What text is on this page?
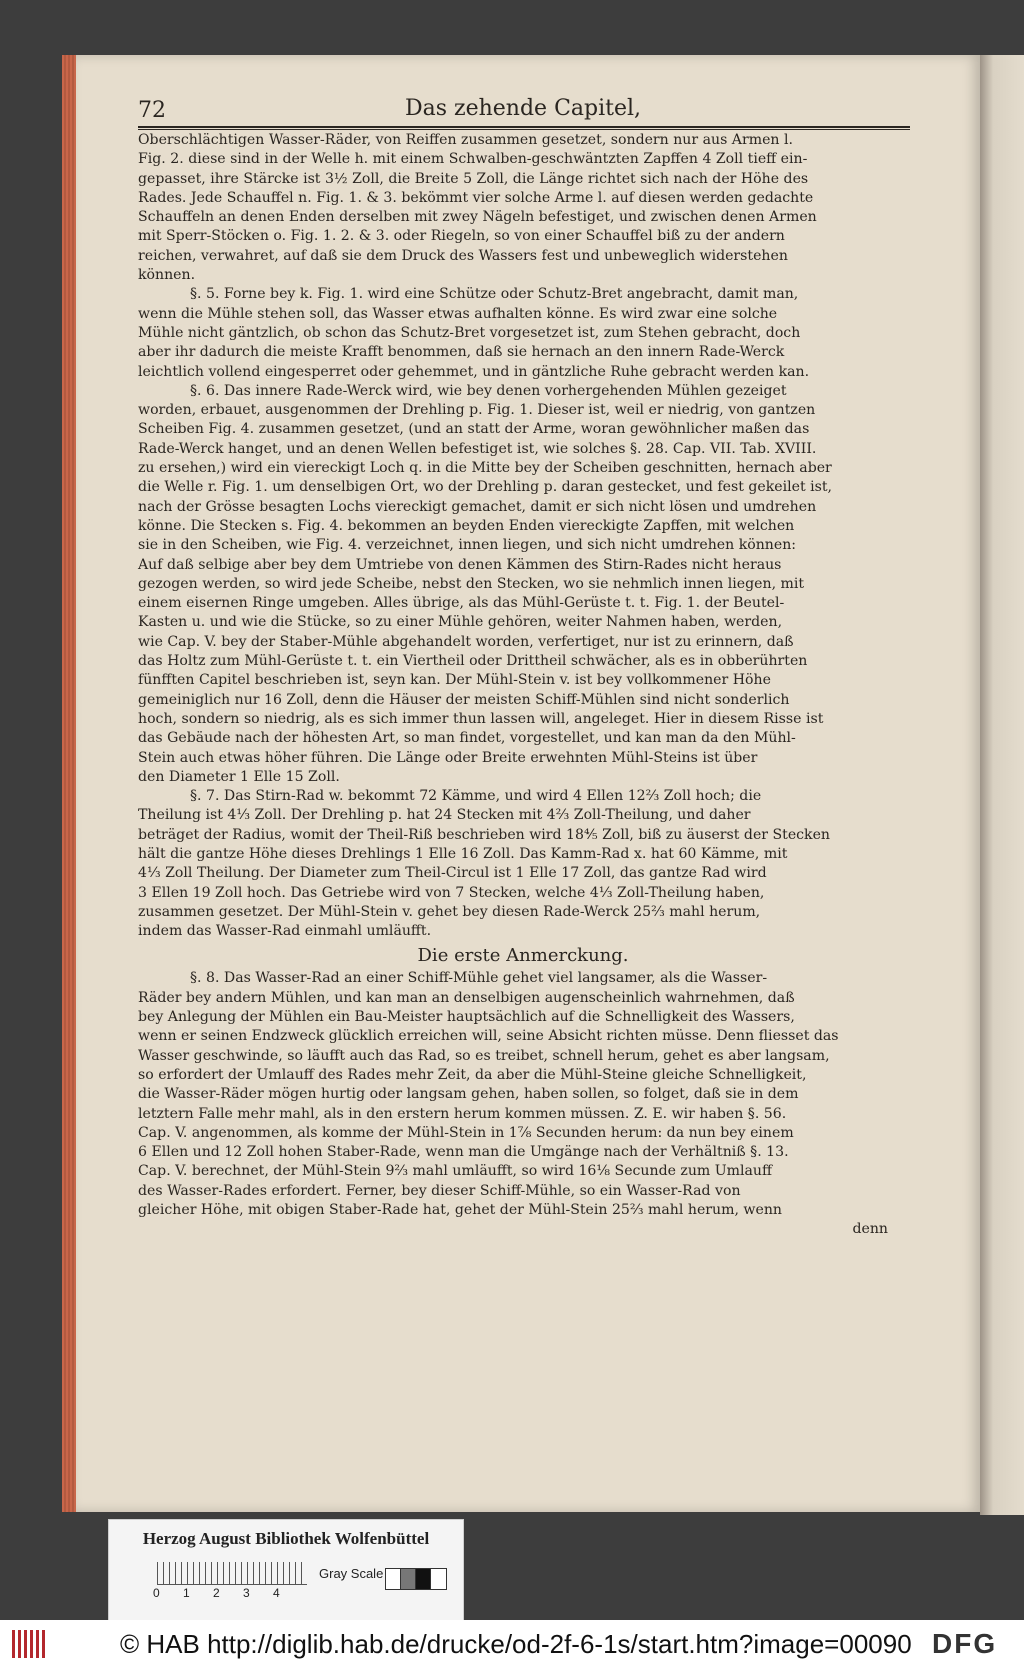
72	Das zehende Capitel,

Oberschlächtigen Wasser-Räder, von Reiffen zusammen gesetzet, sondern nur aus Armen l.

Fig. 2. diese sind in der Welle h. mit einem Schwalben-geschwäntzten Zapffen 4 Zoll tieff ein-

gepasset, ihre Stärcke ist 3½ Zoll, die Breite 5 Zoll, die Länge richtet sich nach der Höhe des

Rades. Jede Schauffel n. Fig. 1. & 3. bekömmt vier solche Arme l. auf diesen werden gedachte

Schauffeln an denen Enden derselben mit zwey Nägeln befestiget, und zwischen denen Armen

mit Sperr-Stöcken o. Fig. 1. 2. & 3. oder Riegeln, so von einer Schauffel biß zu der andern

reichen, verwahret, auf daß sie dem Druck des Wassers fest und unbeweglich widerstehen

können.

§. 5. Forne bey k. Fig. 1. wird eine Schütze oder Schutz-Bret angebracht, damit man,

wenn die Mühle stehen soll, das Wasser etwas aufhalten könne. Es wird zwar eine solche

Mühle nicht gäntzlich, ob schon das Schutz-Bret vorgesetzet ist, zum Stehen gebracht, doch

aber ihr dadurch die meiste Krafft benommen, daß sie hernach an den innern Rade-Werck

leichtlich vollend eingesperret oder gehemmet, und in gäntzliche Ruhe gebracht werden kan.

§. 6. Das innere Rade-Werck wird, wie bey denen vorhergehenden Mühlen gezeiget

worden, erbauet, ausgenommen der Drehling p. Fig. 1. Dieser ist, weil er niedrig, von gantzen

Scheiben Fig. 4. zusammen gesetzet, (und an statt der Arme, woran gewöhnlicher maßen das

Rade-Werck hanget, und an denen Wellen befestiget ist, wie solches §. 28. Cap. VII. Tab. XVIII.

zu ersehen,) wird ein viereckigt Loch q. in die Mitte bey der Scheiben geschnitten, hernach aber

die Welle r. Fig. 1. um denselbigen Ort, wo der Drehling p. daran gestecket, und fest gekeilet ist,

nach der Grösse besagten Lochs viereckigt gemachet, damit er sich nicht lösen und umdrehen

könne. Die Stecken s. Fig. 4. bekommen an beyden Enden viereckigte Zapffen, mit welchen

sie in den Scheiben, wie Fig. 4. verzeichnet, innen liegen, und sich nicht umdrehen können:

Auf daß selbige aber bey dem Umtriebe von denen Kämmen des Stirn-Rades nicht heraus

gezogen werden, so wird jede Scheibe, nebst den Stecken, wo sie nehmlich innen liegen, mit

einem eisernen Ringe umgeben. Alles übrige, als das Mühl-Gerüste t. t. Fig. 1. der Beutel-

Kasten u. und wie die Stücke, so zu einer Mühle gehören, weiter Nahmen haben, werden,

wie Cap. V. bey der Staber-Mühle abgehandelt worden, verfertiget, nur ist zu erinnern, daß

das Holtz zum Mühl-Gerüste t. t. ein Viertheil oder Drittheil schwächer, als es in obberührten

fünfften Capitel beschrieben ist, seyn kan. Der Mühl-Stein v. ist bey vollkommener Höhe

gemeiniglich nur 16 Zoll, denn die Häuser der meisten Schiff-Mühlen sind nicht sonderlich

hoch, sondern so niedrig, als es sich immer thun lassen will, angeleget. Hier in diesem Risse ist

das Gebäude nach der höhesten Art, so man findet, vorgestellet, und kan man da den Mühl-

Stein auch etwas höher führen. Die Länge oder Breite erwehnten Mühl-Steins ist über

den Diameter 1 Elle 15 Zoll.

§. 7. Das Stirn-Rad w. bekommt 72 Kämme, und wird 4 Ellen 12⅔ Zoll hoch; die

Theilung ist 4⅓ Zoll. Der Drehling p. hat 24 Stecken mit 4⅔ Zoll-Theilung, und daher

beträget der Radius, womit der Theil-Riß beschrieben wird 18⅘ Zoll, biß zu äuserst der Stecken

hält die gantze Höhe dieses Drehlings 1 Elle 16 Zoll. Das Kamm-Rad x. hat 60 Kämme, mit

4⅓ Zoll Theilung. Der Diameter zum Theil-Circul ist 1 Elle 17 Zoll, das gantze Rad wird

3 Ellen 19 Zoll hoch. Das Getriebe wird von 7 Stecken, welche 4⅓ Zoll-Theilung haben,

zusammen gesetzet. Der Mühl-Stein v. gehet bey diesen Rade-Werck 25⅔ mahl herum,

indem das Wasser-Rad einmahl umläufft.

Die erste Anmerckung.

§. 8. Das Wasser-Rad an einer Schiff-Mühle gehet viel langsamer, als die Wasser-

Räder bey andern Mühlen, und kan man an denselbigen augenscheinlich wahrnehmen, daß

bey Anlegung der Mühlen ein Bau-Meister hauptsächlich auf die Schnelligkeit des Wassers,

wenn er seinen Endzweck glücklich erreichen will, seine Absicht richten müsse. Denn fliesset das

Wasser geschwinde, so läufft auch das Rad, so es treibet, schnell herum, gehet es aber langsam,

so erfordert der Umlauff des Rades mehr Zeit, da aber die Mühl-Steine gleiche Schnelligkeit,

die Wasser-Räder mögen hurtig oder langsam gehen, haben sollen, so folget, daß sie in dem

letztern Falle mehr mahl, als in den erstern herum kommen müssen. Z. E. wir haben §. 56.

Cap. V. angenommen, als komme der Mühl-Stein in 1⅞ Secunden herum: da nun bey einem

6 Ellen und 12 Zoll hohen Staber-Rade, wenn man die Umgänge nach der Verhältniß §. 13.

Cap. V. berechnet, der Mühl-Stein 9⅔ mahl umläufft, so wird 16⅛ Secunde zum Umlauff

des Wasser-Rades erfordert. Ferner, bey dieser Schiff-Mühle, so ein Wasser-Rad von

gleicher Höhe, mit obigen Staber-Rade hat, gehet der Mühl-Stein 25⅔ mahl herum, wenn

denn
Herzog August Bibliothek Wolfenbüttel
0 1 2 3 4
Gray Scale
© HAB http://diglib.hab.de/drucke/od-2f-6-1s/start.htm?image=00090 DFG
